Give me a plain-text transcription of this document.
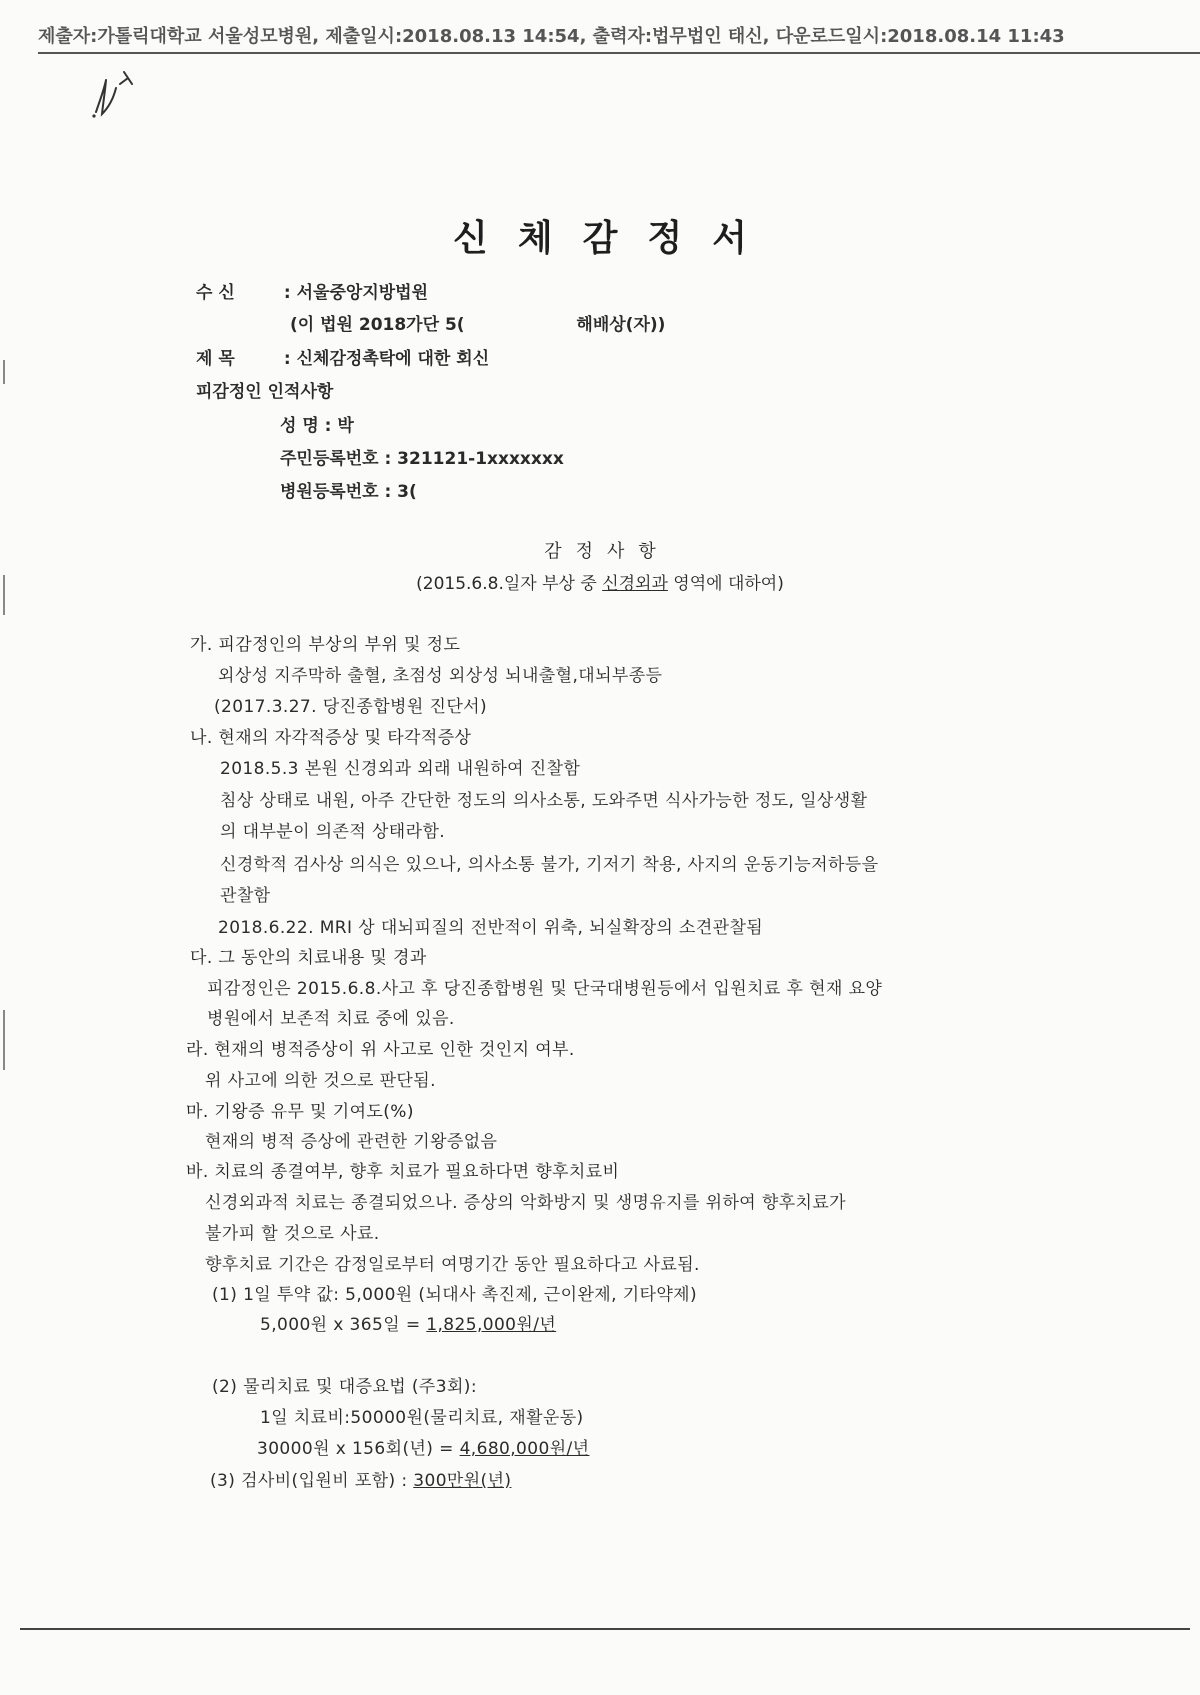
제출자:가톨릭대학교 서울성모병원, 제출일시:2018.08.13 14:54, 출력자:법무법인 태신, 다운로드일시:2018.08.14 11:43
신체감정서
수 신	: 서울중앙지방법원
(이 법원 2018가단 5(	해배상(자))
제 목	: 신체감정촉탁에 대한 회신
피감정인 인적사항
성 명 : 박
주민등록번호 : 321121-1xxxxxxx
병원등록번호 : 3(
감정사항
(2015.6.8.일자 부상 중 신경외과 영역에 대하여)
가. 피감정인의 부상의 부위 및 정도
외상성 지주막하 출혈, 초점성 외상성 뇌내출혈,대뇌부종등
(2017.3.27. 당진종합병원 진단서)
나. 현재의 자각적증상 및 타각적증상
2018.5.3 본원 신경외과 외래 내원하여 진찰함
침상 상태로 내원, 아주 간단한 정도의 의사소통, 도와주면 식사가능한 정도, 일상생활
의 대부분이 의존적 상태라함.
신경학적 검사상 의식은 있으나, 의사소통 불가, 기저기 착용, 사지의 운동기능저하등을
관찰함
2018.6.22. MRI 상 대뇌피질의 전반적이 위축, 뇌실확장의 소견관찰됨
다. 그 동안의 치료내용 및 경과
피감정인은 2015.6.8.사고 후 당진종합병원 및 단국대병원등에서 입원치료 후 현재 요양
병원에서 보존적 치료 중에 있음.
라. 현재의 병적증상이 위 사고로 인한 것인지 여부.
위 사고에 의한 것으로 판단됨.
마. 기왕증 유무 및 기여도(%)
현재의 병적 증상에 관련한 기왕증없음
바. 치료의 종결여부, 향후 치료가 필요하다면 향후치료비
신경외과적 치료는 종결되었으나. 증상의 악화방지 및 생명유지를 위하여 향후치료가
불가피 할 것으로 사료.
향후치료 기간은 감정일로부터 여명기간 동안 필요하다고 사료됨.
(1) 1일 투약 값: 5,000원 (뇌대사 촉진제, 근이완제, 기타약제)
5,000원 x 365일 = 1,825,000원/년
(2) 물리치료 및 대증요법 (주3회):
1일 치료비:50000원(물리치료, 재활운동)
30000원 x 156회(년) = 4,680,000원/년
(3) 검사비(입원비 포함) : 300만원(년)
